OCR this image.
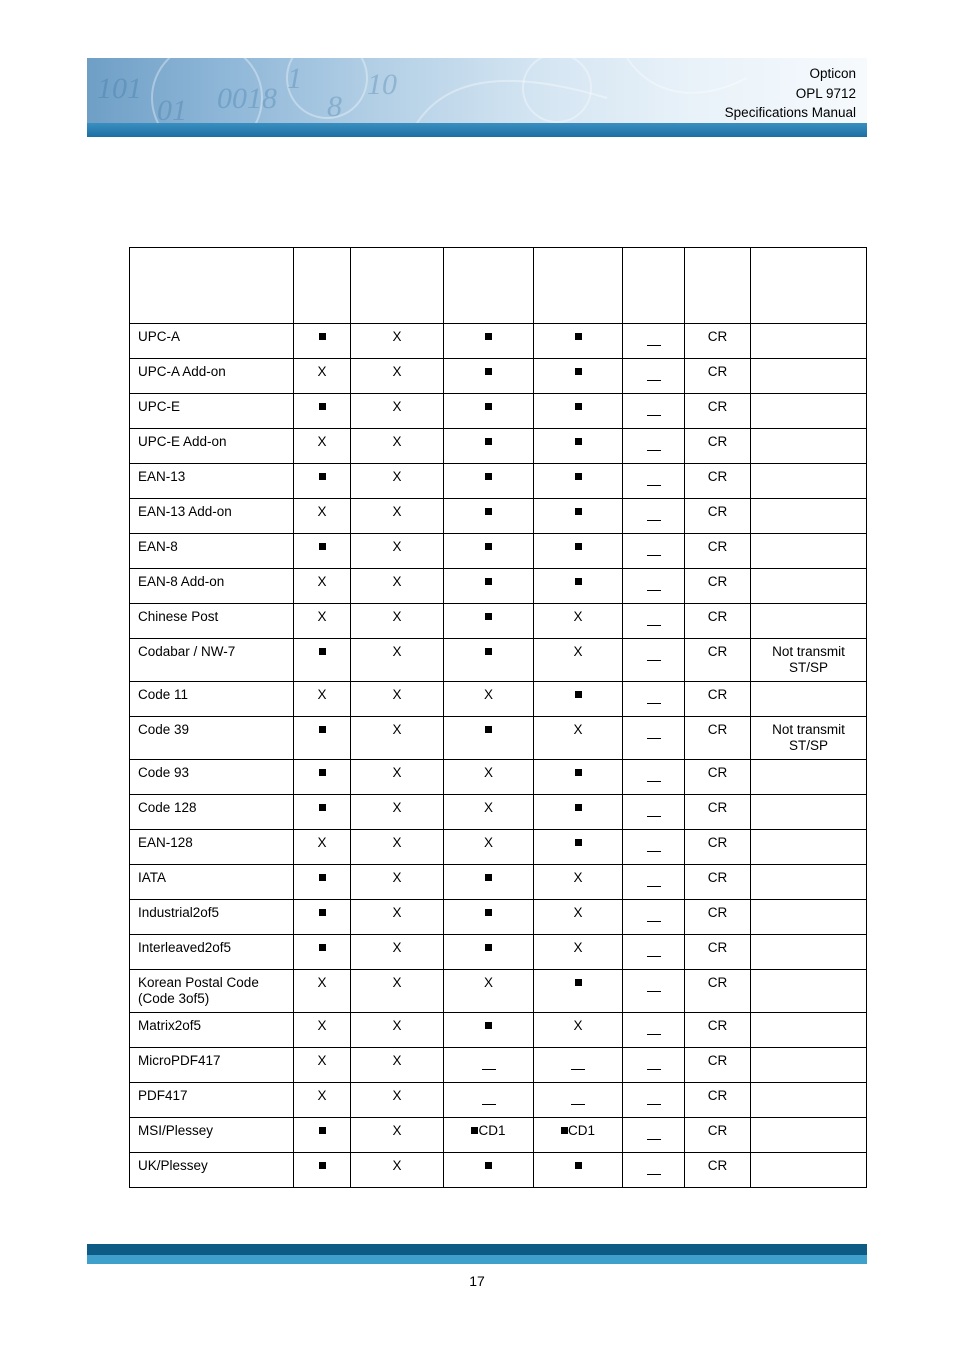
101
01 0018
1
8
10	Opticon
OPL 9712
Specifications Manual

UPC-A		X				CR	

UPC-A Add-on	X	X				CR	

UPC-E		X				CR	

UPC-E Add-on	X	X				CR	

EAN-13		X				CR	

EAN-13 Add-on	X	X				CR	

EAN-8		X				CR	

EAN-8 Add-on	X	X				CR	

Chinese Post	X	X		X		CR	

Codabar / NW-7		X		X		CR	Not transmit
ST/SP

Code 11	X	X	X			CR	

Code 39		X		X		CR	Not transmit
ST/SP

Code 93		X	X			CR	

Code 128		X	X			CR	

EAN-128	X	X	X			CR	

IATA		X		X		CR	

Industrial2of5		X		X		CR	

Interleaved2of5		X		X		CR	

Korean Postal Code
(Code 3of5)	X	X	X			CR	

Matrix2of5	X	X		X		CR	

MicroPDF417	X	X				CR	

PDF417	X	X				CR	

MSI/Plessey		X	CD1	CD1		CR	

UK/Plessey		X				CR	

17
